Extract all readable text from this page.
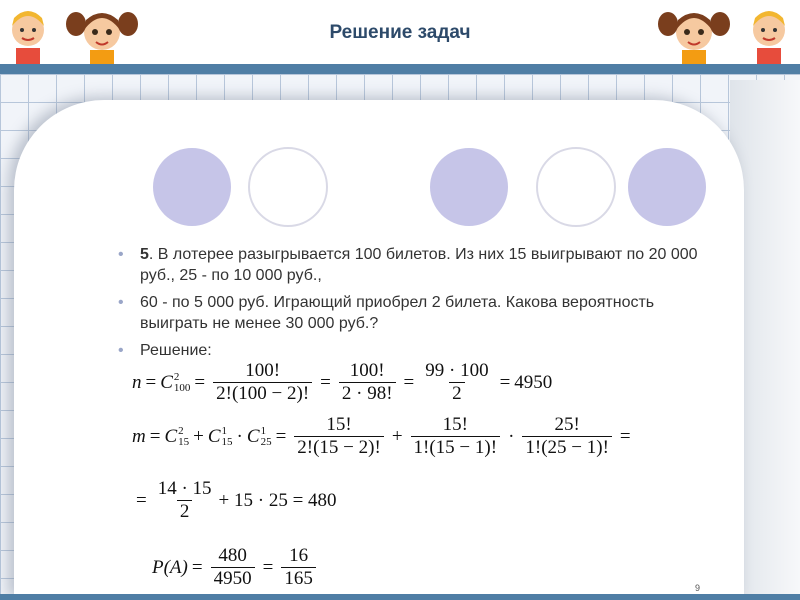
Решение задач
• 5. В лотерее разыгрывается 100 билетов. Из них 15 выигрывают по 20 000 руб., 25 - по 10 000 руб.,
• 60 - по 5 000 руб. Играющий приобрел 2 билета. Какова вероятность выиграть не менее 30 000 руб.?
• Решение:
n = C 2
$100 = \frac{100!}{2!(100 - 2)!} = \frac{100!}{2 \cdot 98!} = \frac{99 \cdot 100}{2} = 4950$
m = C 2
15 + C 1
15 · C 1
$25 = \frac{15!}{2!(15 - 2)!} + \frac{15!}{1!(15 - 1)!} \cdot \frac{25!}{1!(25 - 1)!}$ =
= $\frac{14 \cdot 15}{2} + 15 \cdot 25 = 480$
$P(A) = \frac{480}{4950} = \frac{16}{165}$	9
